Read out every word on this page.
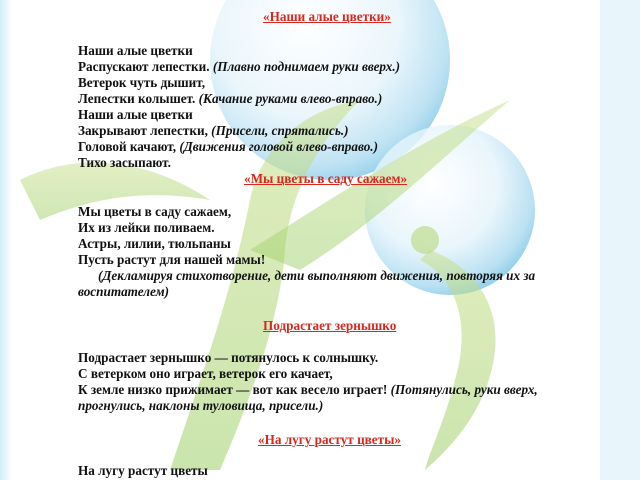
«Наши алые цветки»
Наши алые цветки
Распускают лепестки. (Плавно поднимаем руки вверх.)
Ветерок чуть дышит,
Лепестки колышет. (Качание руками влево-вправо.)
Наши алые цветки
Закрывают лепестки, (Присели, спрятались.)
Головой качают, (Движения головой влево-вправо.)
Тихо засыпают.
«Мы цветы в саду сажаем»
Мы цветы в саду сажаем,
Их из лейки поливаем.
Астры, лилии, тюльпаны
Пусть растут для нашей мамы!
(Декламируя стихотворение, дети выполняют движения, повторяя их за
воспитателем)
Подрастает зернышко
Подрастает зернышко — потянулось к солнышку.
С ветерком оно играет, ветерок его качает,
К земле низко прижимает — вот как весело играет! (Потянулись, руки вверх,
прогнулись, наклоны туловища, присели.)
«На лугу растут цветы»
На лугу растут цветы
